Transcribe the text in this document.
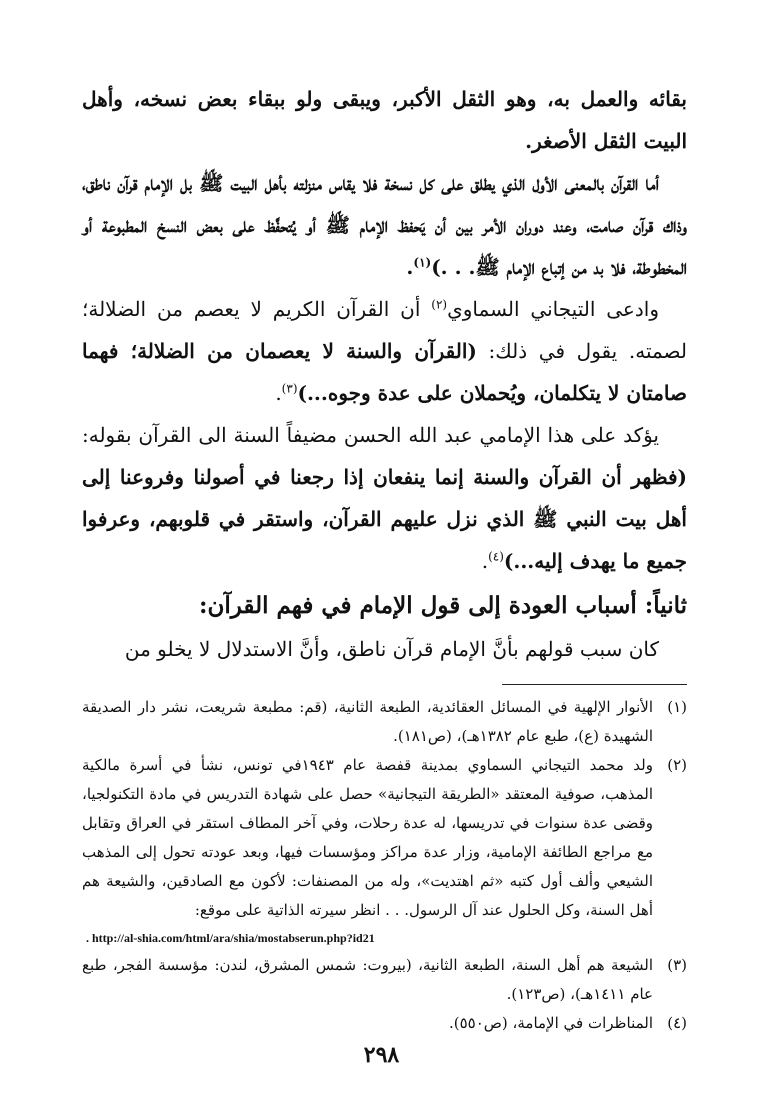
بقائه والعمل به، وهو الثقل الأكبر، ويبقى ولو ببقاء بعض نسخه، وأهل البيت الثقل الأصغر.

أما القرآن بالمعنى الأول الذي يطلق على كل نسخة فلا يقاس منزلته بأهل البيت ﷺ بل الإمام قرآن ناطق، وذاك قرآن صامت، وعند دوران الأمر بين أن يَحفظ الإمام ﷺ أو يُتحفَّظ على بعض النسخ المطبوعة أو المخطوطة، فلا بد من إتباع الإمام ﷺ. . .)$^{(١)}$.

وادعى التيجاني السماوي$^{(٢)}$ أن القرآن الكريم لا يعصم من الضلالة؛ لصمته. يقول في ذلك: (القرآن والسنة لا يعصمان من الضلالة؛ فهما صامتان لا يتكلمان، ويُحملان على عدة وجوه...)$^{(٣)}$.

يؤكد على هذا الإمامي عبد الله الحسن مضيفاً السنة الى القرآن بقوله: (فظهر أن القرآن والسنة إنما ينفعان إذا رجعنا في أصولنا وفروعنا إلى أهل بيت النبي ﷺ الذي نزل عليهم القرآن، واستقر في قلوبهم، وعرفوا جميع ما يهدف إليه...)$^{(٤)}$.

ثانياً: أسباب العودة إلى قول الإمام في فهم القرآن:

كان سبب قولهم بأنَّ الإمام قرآن ناطق، وأنَّ الاستدلال لا يخلو من

(١)
الأنوار الإلهية في المسائل العقائدية، الطبعة الثانية، (قم: مطبعة شريعت، نشر دار الصديقة الشهيدة (ع)، طبع عام ١٣٨٢هـ)، (ص١٨١).
(٢)
ولد محمد التيجاني السماوي بمدينة قفصة عام ١٩٤٣في تونس، نشأ في أسرة مالكية المذهب، صوفية المعتقد «الطريقة التيجانية» حصل على شهادة التدريس في مادة التكنولجيا، وقضى عدة سنوات في تدريسها، له عدة رحلات، وفي آخر المطاف استقر في العراق وتقابل مع مراجع الطائفة الإمامية، وزار عدة مراكز ومؤسسات فيها، وبعد عودته تحول إلى المذهب الشيعي وألف أول كتبه «ثم اهتديت»، وله من المصنفات: لأكون مع الصادقين، والشيعة هم أهل السنة، وكل الحلول عند آل الرسول. . . انظر سيرته الذاتية على موقع:
. http://al-shia.com/html/ara/shia/mostabserun.php?id21
(٣)
الشيعة هم أهل السنة، الطبعة الثانية، (بيروت: شمس المشرق، لندن: مؤسسة الفجر، طبع عام ١٤١١هـ)، (ص١٢٣).
(٤)
المناظرات في الإمامة، (ص٥٥٠).
٢٩٨
